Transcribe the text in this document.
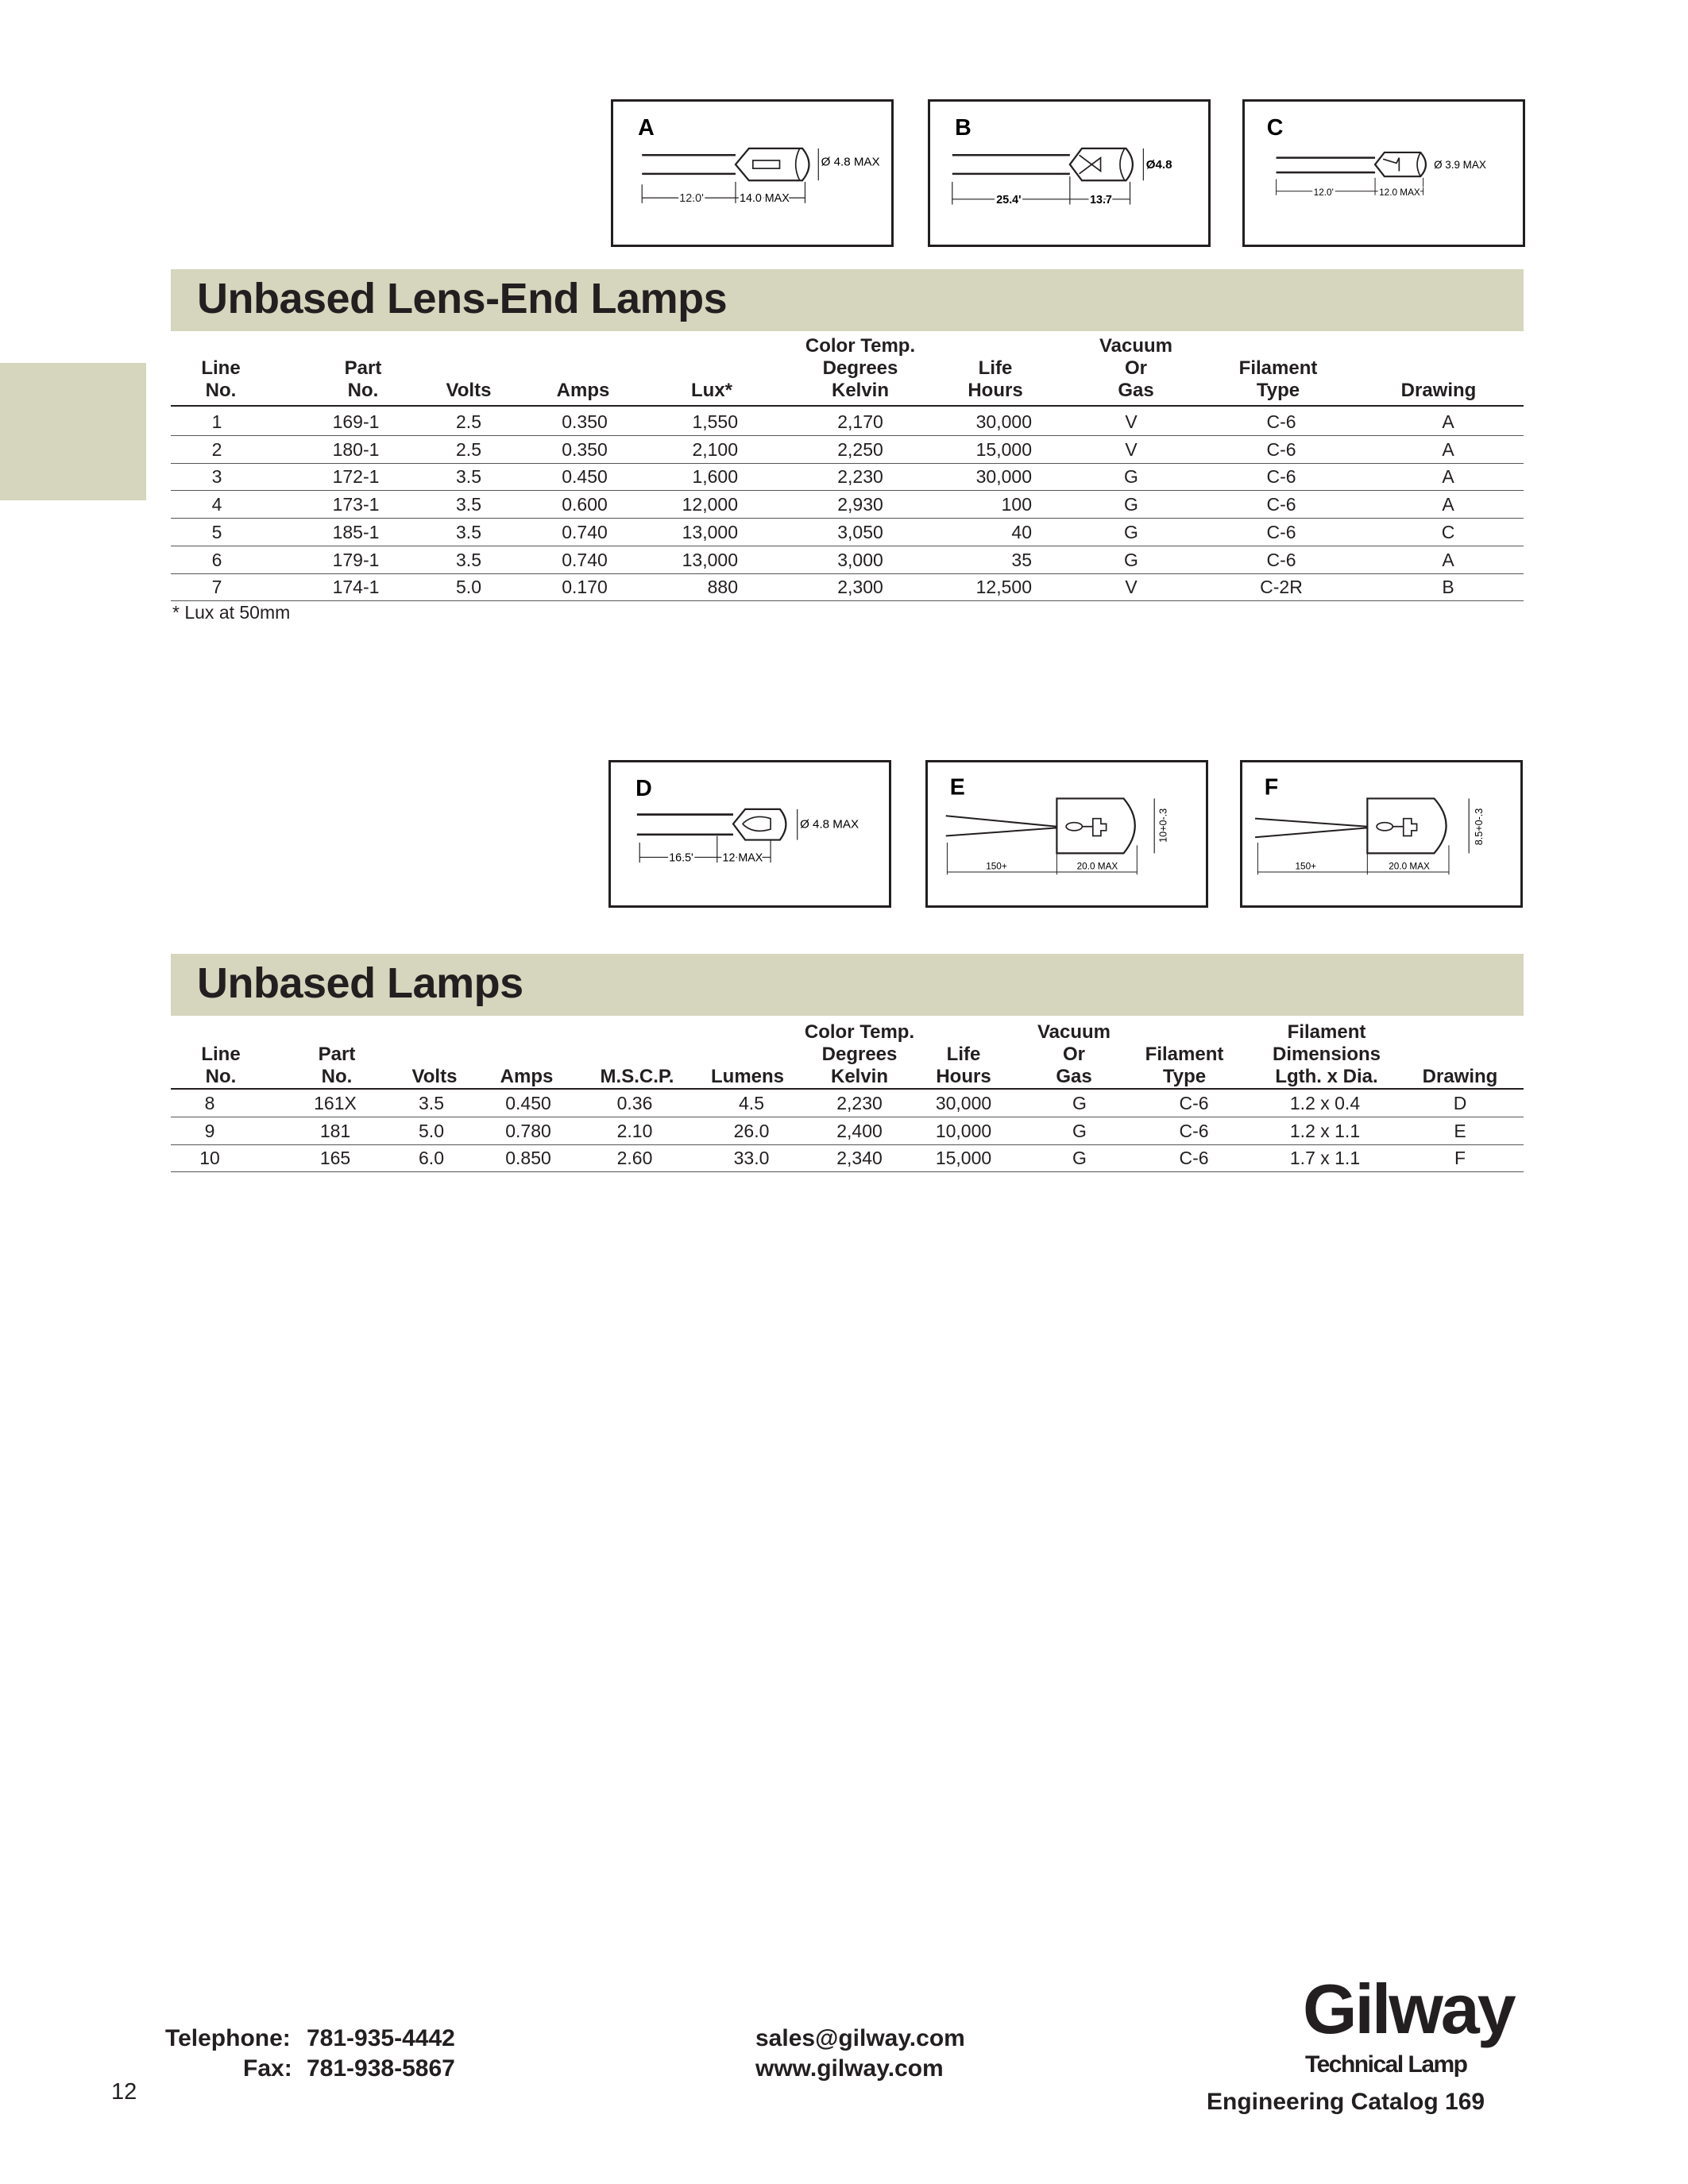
A
Ø 4.8 MAX
12.0'	14.0 MAX
B
Ø4.8
25.4'	13.7
C
Ø 3.9 MAX
12.0'	12.0 MAX
Unbased Lens-End Lamps
Line
No.
Part
No.	Volts	Amps	Lux*
Color Temp.
Degrees
Kelvin
Life
Hours
Vacuum
Or
Gas
Filament
Type	Drawing
1	169-1	2.5	0.350	1,550	2,170	30,000	V	C-6	A
2	180-1	2.5	0.350	2,100	2,250	15,000	V	C-6	A
3	172-1	3.5	0.450	1,600	2,230	30,000	G	C-6	A
4	173-1	3.5	0.600	12,000	2,930	100	G	C-6	A
5	185-1	3.5	0.740	13,000	3,050	40	G	C-6	C
6	179-1	3.5	0.740	13,000	3,000	35	G	C-6	A
7	174-1	5.0	0.170	880	2,300	12,500	V	C-2R	B
* Lux at 50mm
D
Ø 4.8 MAX
16.5'	12 MAX
E
10+0-.3
150+	20.0 MAX
F
8.5+0-.3
150+	20.0 MAX
Unbased Lamps
Line
No.
Part
No.	Volts Amps M.S.C.P. Lumens
Color Temp.
Degrees
Kelvin
Life
Hours
Vacuum
Or
Gas
Filament
Type
Filament
Dimensions
Lgth. x Dia. Drawing
8	161X	3.5	0.450	0.36	4.5	2,230	30,000	G	C-6	1.2 x 0.4	D
9	181	5.0	0.780	2.10	26.0	2,400	10,000	G	C-6	1.2 x 1.1	E
10	165	6.0	0.850	2.60	33.0	2,340	15,000	G	C-6	1.7 x 1.1	F
Telephone: 781-935-4442
Fax: 781-938-5867
sales@gilway.com
www.gilway.com
12
Gilway
Technical Lamp
Engineering Catalog 169
